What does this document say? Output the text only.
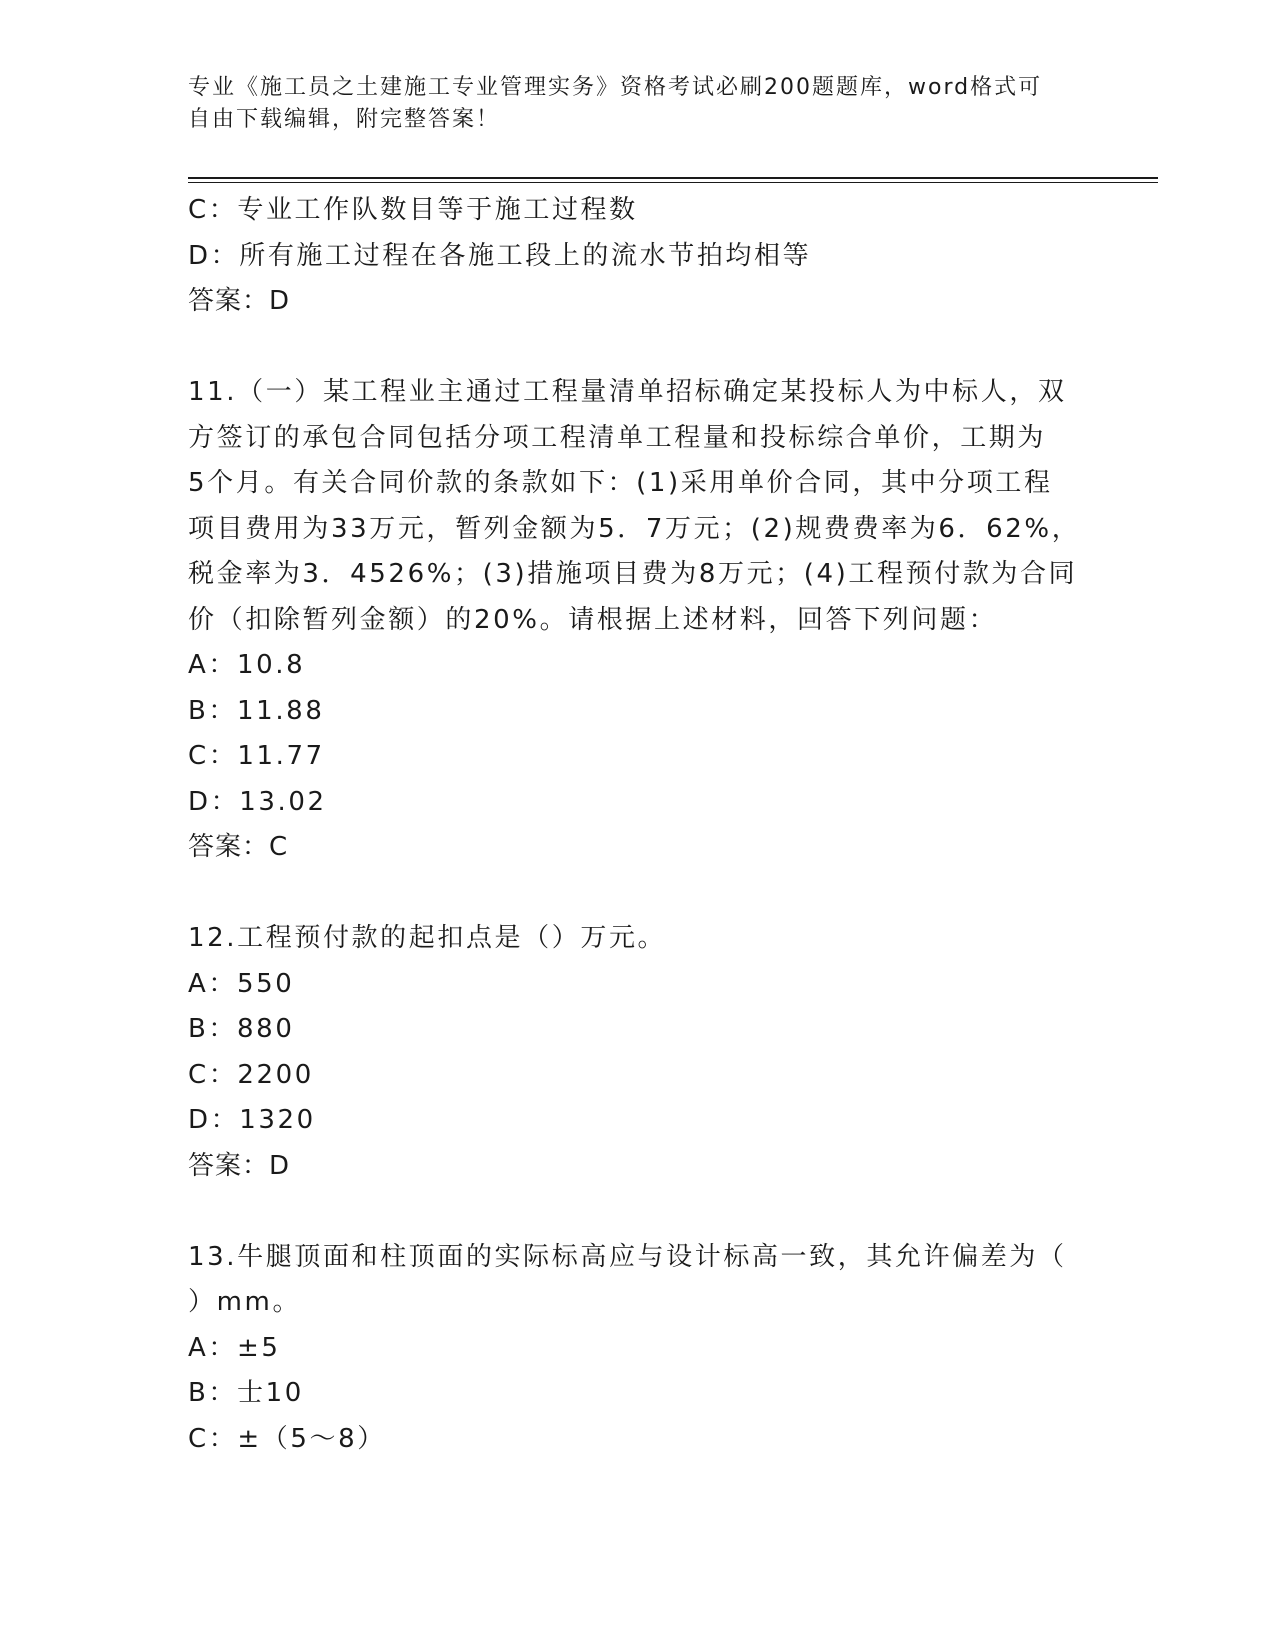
专业《施工员之土建施工专业管理实务》资格考试必刷200题题库，word格式可
自由下载编辑，附完整答案！
C：专业工作队数目等于施工过程数
D：所有施工过程在各施工段上的流水节拍均相等
答案：D
11.（一）某工程业主通过工程量清单招标确定某投标人为中标人，双
方签订的承包合同包括分项工程清单工程量和投标综合单价，工期为
5个月。有关合同价款的条款如下：(1)采用单价合同，其中分项工程
项目费用为33万元，暂列金额为5．7万元；(2)规费费率为6．62%，
税金率为3．4526%；(3)措施项目费为8万元；(4)工程预付款为合同
价（扣除暂列金额）的20%。请根据上述材料，回答下列问题：
A：10.8
B：11.88
C：11.77
D：13.02
答案：C
12.工程预付款的起扣点是（）万元。
A：550
B：880
C：2200
D：1320
答案：D
13.牛腿顶面和柱顶面的实际标高应与设计标高一致，其允许偏差为（
）mm。
A：±5
B：士10
C：±（5～8）
